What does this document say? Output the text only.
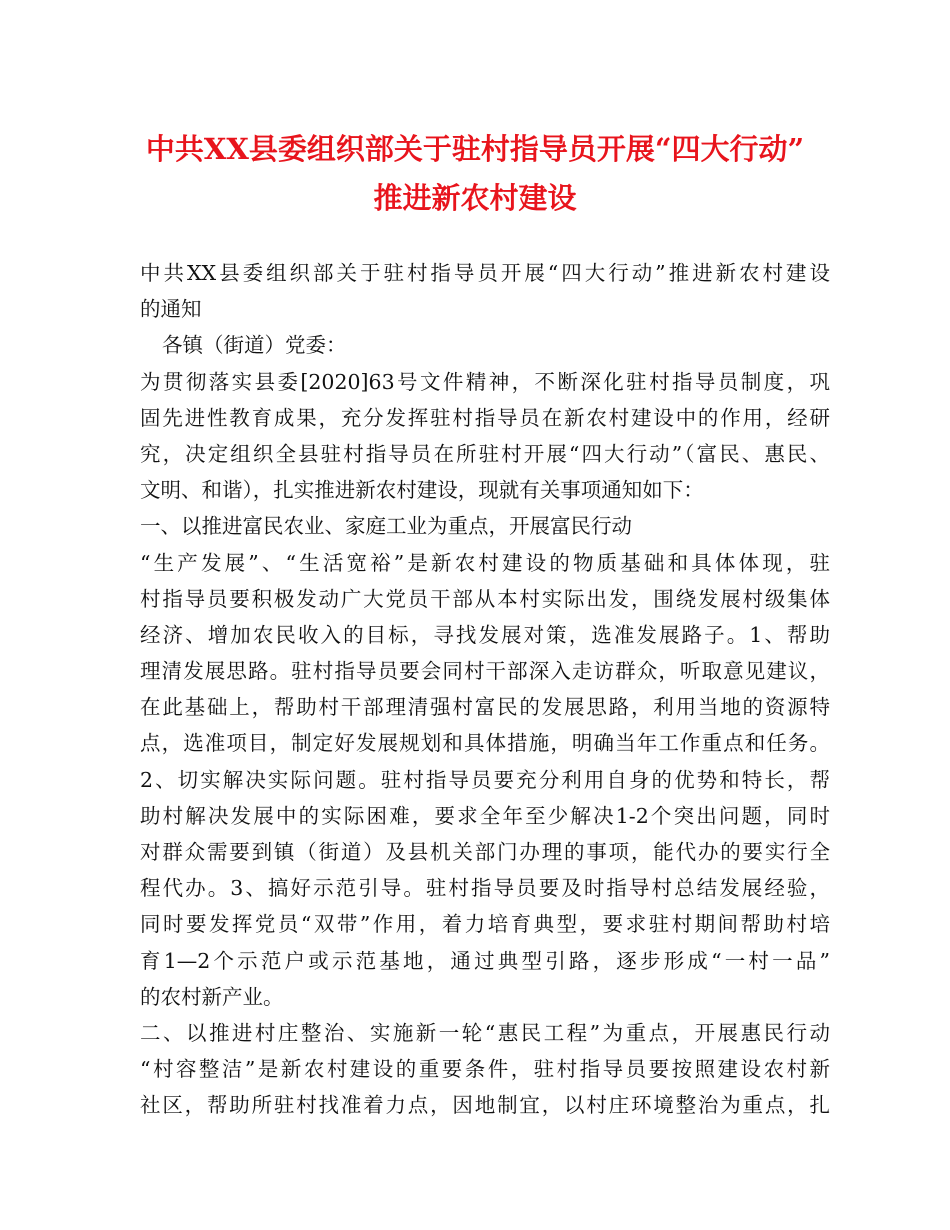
中共XX县委组织部关于驻村指导员开展“四大行动”
推进新农村建设
中共XX县委组织部关于驻村指导员开展“四大行动”推进新农村建设
的通知
各镇（街道）党委：
为贯彻落实县委[2020]63号文件精神，不断深化驻村指导员制度，巩
固先进性教育成果，充分发挥驻村指导员在新农村建设中的作用，经研
究，决定组织全县驻村指导员在所驻村开展“四大行动”（富民、惠民、
文明、和谐），扎实推进新农村建设，现就有关事项通知如下：
一、以推进富民农业、家庭工业为重点，开展富民行动
“生产发展”、“生活宽裕”是新农村建设的物质基础和具体体现，驻
村指导员要积极发动广大党员干部从本村实际出发，围绕发展村级集体
经济、增加农民收入的目标，寻找发展对策，选准发展路子。1、帮助
理清发展思路。驻村指导员要会同村干部深入走访群众，听取意见建议，
在此基础上，帮助村干部理清强村富民的发展思路，利用当地的资源特
点，选准项目，制定好发展规划和具体措施，明确当年工作重点和任务。
2、切实解决实际问题。驻村指导员要充分利用自身的优势和特长，帮
助村解决发展中的实际困难，要求全年至少解决1-2个突出问题，同时
对群众需要到镇（街道）及县机关部门办理的事项，能代办的要实行全
程代办。3、搞好示范引导。驻村指导员要及时指导村总结发展经验，
同时要发挥党员“双带”作用，着力培育典型，要求驻村期间帮助村培
育1—2个示范户或示范基地，通过典型引路，逐步形成“一村一品”
的农村新产业。
二、以推进村庄整治、实施新一轮“惠民工程”为重点，开展惠民行动
“村容整洁”是新农村建设的重要条件，驻村指导员要按照建设农村新
社区，帮助所驻村找准着力点，因地制宜，以村庄环境整治为重点，扎
